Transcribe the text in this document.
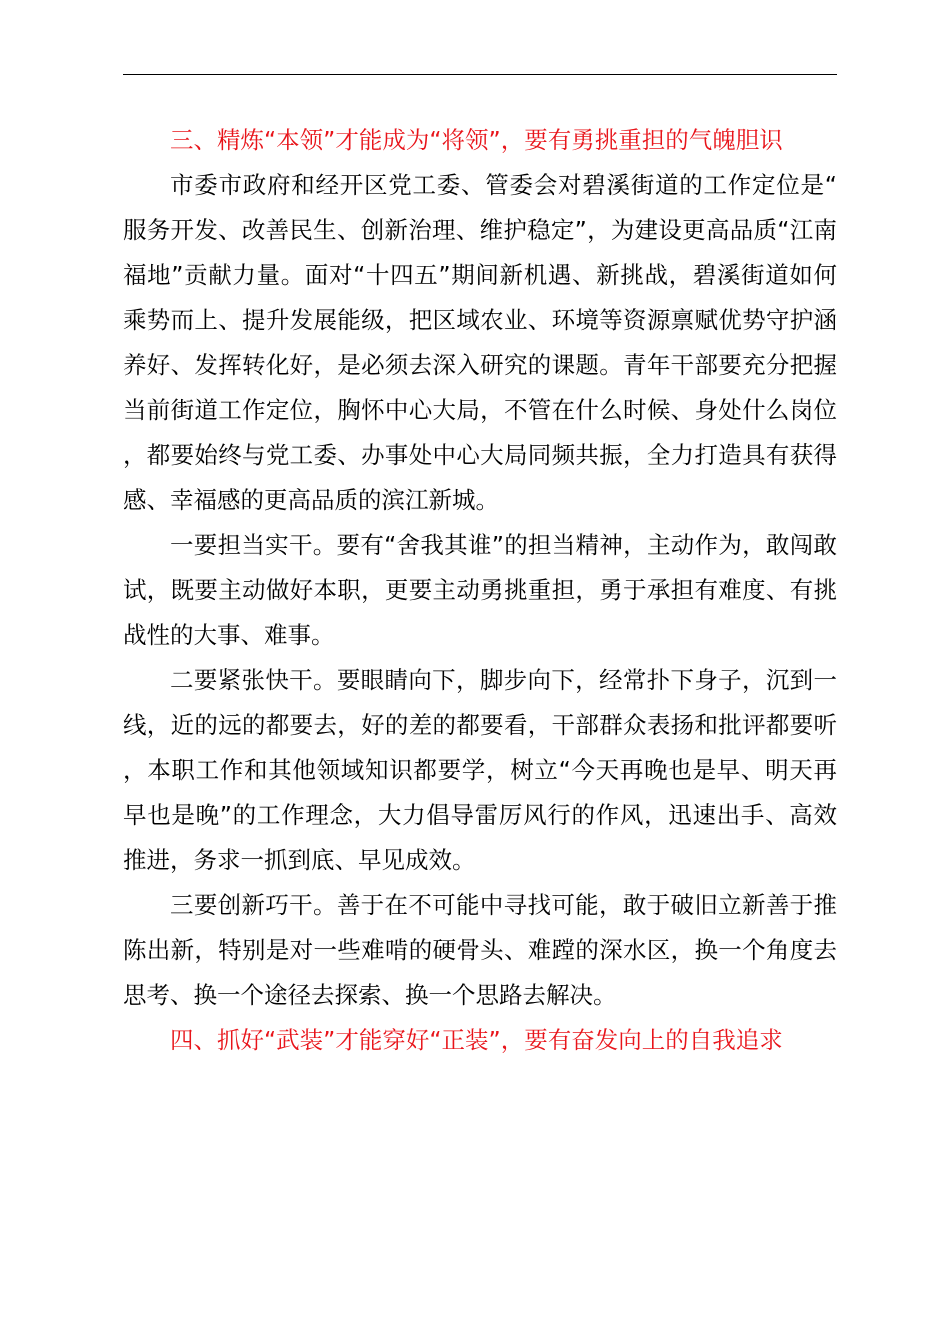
三、精炼“本领”才能成为“将领”，要有勇挑重担的气魄胆识

市委市政府和经开区党工委、管委会对碧溪街道的工作定位是“服务开发、改善民生、创新治理、维护稳定”，为建设更高品质“江南福地”贡献力量。面对“十四五”期间新机遇、新挑战，碧溪街道如何乘势而上、提升发展能级，把区域农业、环境等资源禀赋优势守护涵养好、发挥转化好，是必须去深入研究的课题。青年干部要充分把握当前街道工作定位，胸怀中心大局，不管在什么时候、身处什么岗位，都要始终与党工委、办事处中心大局同频共振，全力打造具有获得感、幸福感的更高品质的滨江新城。

一要担当实干。要有“舍我其谁”的担当精神，主动作为，敢闯敢试，既要主动做好本职，更要主动勇挑重担，勇于承担有难度、有挑战性的大事、难事。

二要紧张快干。要眼睛向下，脚步向下，经常扑下身子，沉到一线，近的远的都要去，好的差的都要看，干部群众表扬和批评都要听，本职工作和其他领域知识都要学，树立“今天再晚也是早、明天再早也是晚”的工作理念，大力倡导雷厉风行的作风，迅速出手、高效推进，务求一抓到底、早见成效。

三要创新巧干。善于在不可能中寻找可能，敢于破旧立新善于推陈出新，特别是对一些难啃的硬骨头、难蹚的深水区，换一个角度去思考、换一个途径去探索、换一个思路去解决。

四、抓好“武装”才能穿好“正装”，要有奋发向上的自我追求
